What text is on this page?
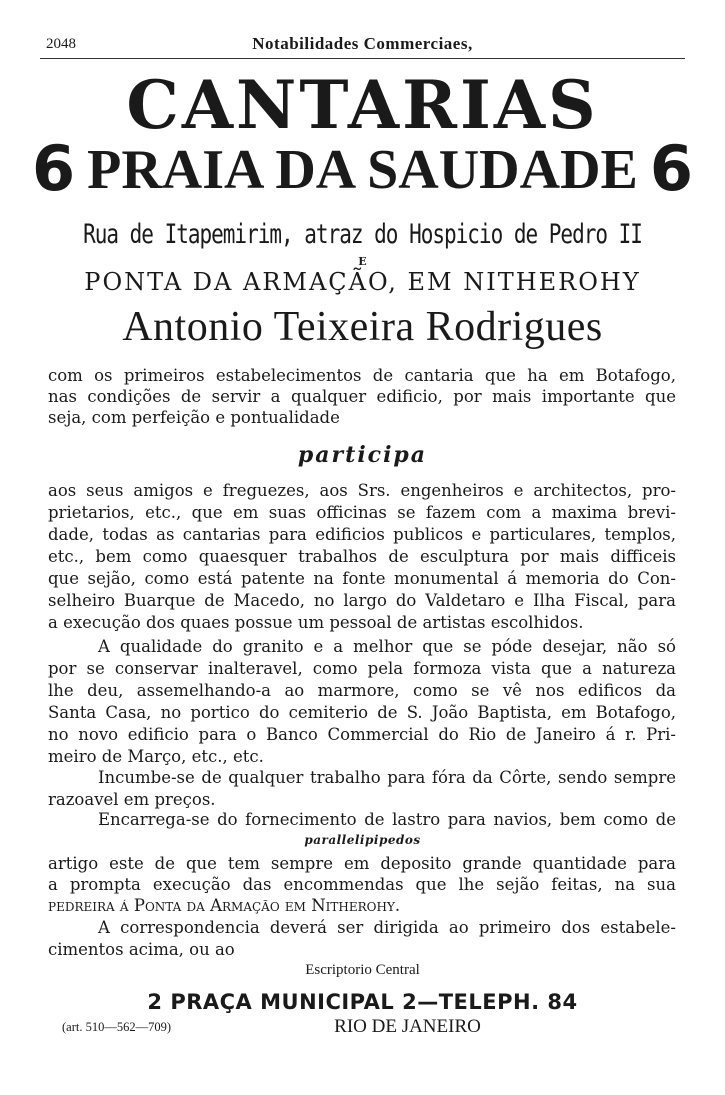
2048	Notabilidades Commerciaes,
CANTARIAS
6 PRAIA DA SAUDADE 6
Rua de Itapemirim, atraz do Hospicio de Pedro II
E
PONTA DA ARMAÇÃO, EM NITHEROHY
Antonio Teixeira Rodrigues
com os primeiros estabelecimentos de cantaria que ha em Botafogo,
nas condições de servir a qualquer edificio, por mais importante que
seja, com perfeição e pontualidade
participa
aos seus amigos e freguezes, aos Srs. engenheiros e architectos, pro-
prietarios, etc., que em suas officinas se fazem com a maxima brevi-
dade, todas as cantarias para edificios publicos e particulares, templos,
etc., bem como quaesquer trabalhos de esculptura por mais difficeis
que sejão, como está patente na fonte monumental á memoria do Con-
selheiro Buarque de Macedo, no largo do Valdetaro e Ilha Fiscal, para
a execução dos quaes possue um pessoal de artistas escolhidos.
A qualidade do granito e a melhor que se póde desejar, não só
por se conservar inalteravel, como pela formoza vista que a natureza
lhe deu, assemelhando-a ao marmore, como se vê nos edificos da
Santa Casa, no portico do cemiterio de S. João Baptista, em Botafogo,
no novo edificio para o Banco Commercial do Rio de Janeiro á r. Pri-
meiro de Março, etc., etc.
Incumbe-se de qualquer trabalho para fóra da Côrte, sendo sempre
razoavel em preços.
Encarrega-se do fornecimento de lastro para navios, bem como de
parallelipipedos
artigo este de que tem sempre em deposito grande quantidade para
a prompta execução das encommendas que lhe sejão feitas, na sua
pedreira á Ponta da Armação em Nitherohy.
A correspondencia deverá ser dirigida ao primeiro dos estabele-
cimentos acima, ou ao
Escriptorio Central
2 PRAÇA MUNICIPAL 2—TELEPH. 84
(art. 510—562—709)	RIO DE JANEIRO
